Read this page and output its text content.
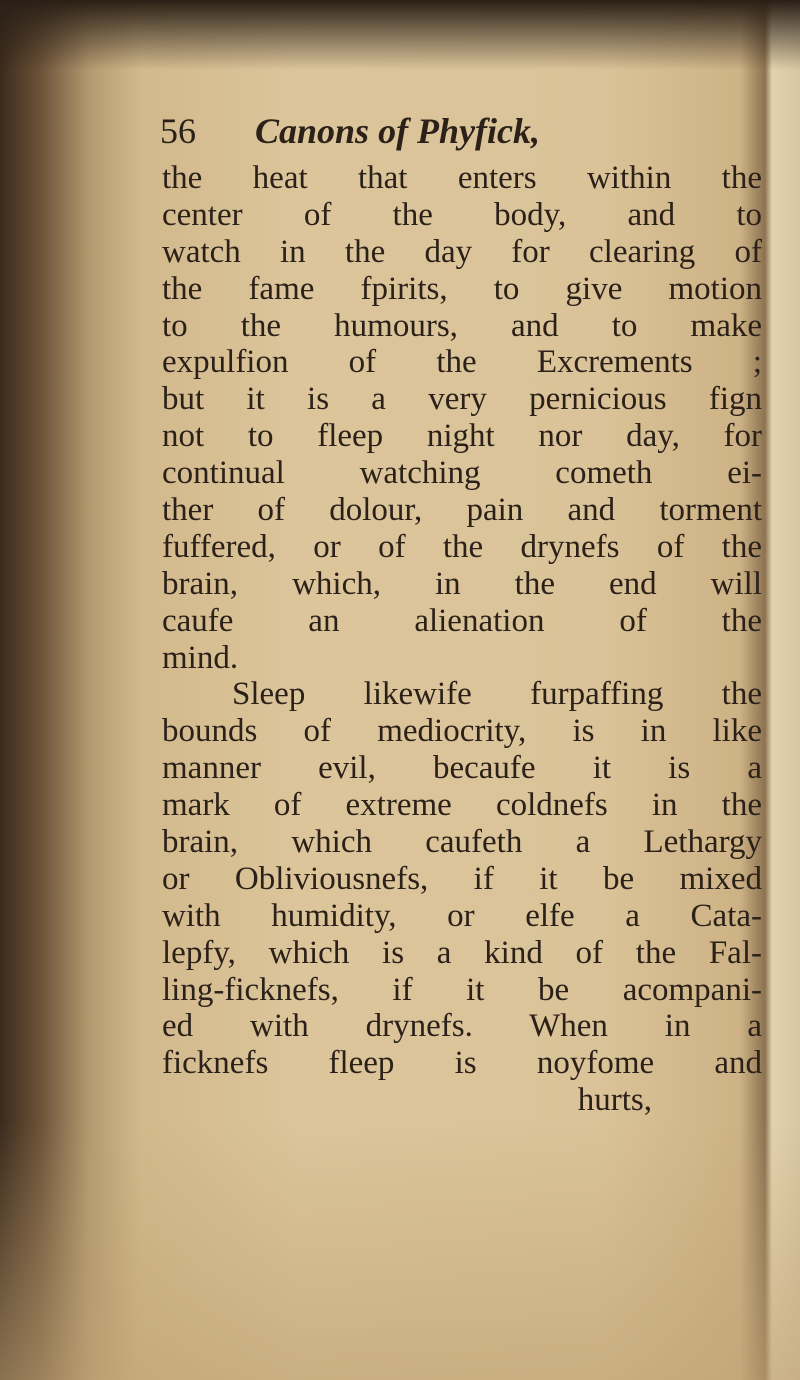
56 Canons of Phyfick,
the heat that enters within the
center of the body, and to
watch in the day for clearing of
the fame fpirits, to give motion
to the humours, and to make
expulfion of the Excrements ;
but it is a very pernicious fign
not to fleep night nor day, for
continual watching cometh ei-
ther of dolour, pain and torment
fuffered, or of the drynefs of the
brain, which, in the end will
caufe an alienation of the
mind.
Sleep likewife furpaffing the
bounds of mediocrity, is in like
manner evil, becaufe it is a
mark of extreme coldnefs in the
brain, which caufeth a Lethargy
or Obliviousnefs, if it be mixed
with humidity, or elfe a Cata-
lepfy, which is a kind of the Fal-
ling-ficknefs, if it be acompani-
ed with drynefs. When in a
ficknefs fleep is noyfome and
hurts,
